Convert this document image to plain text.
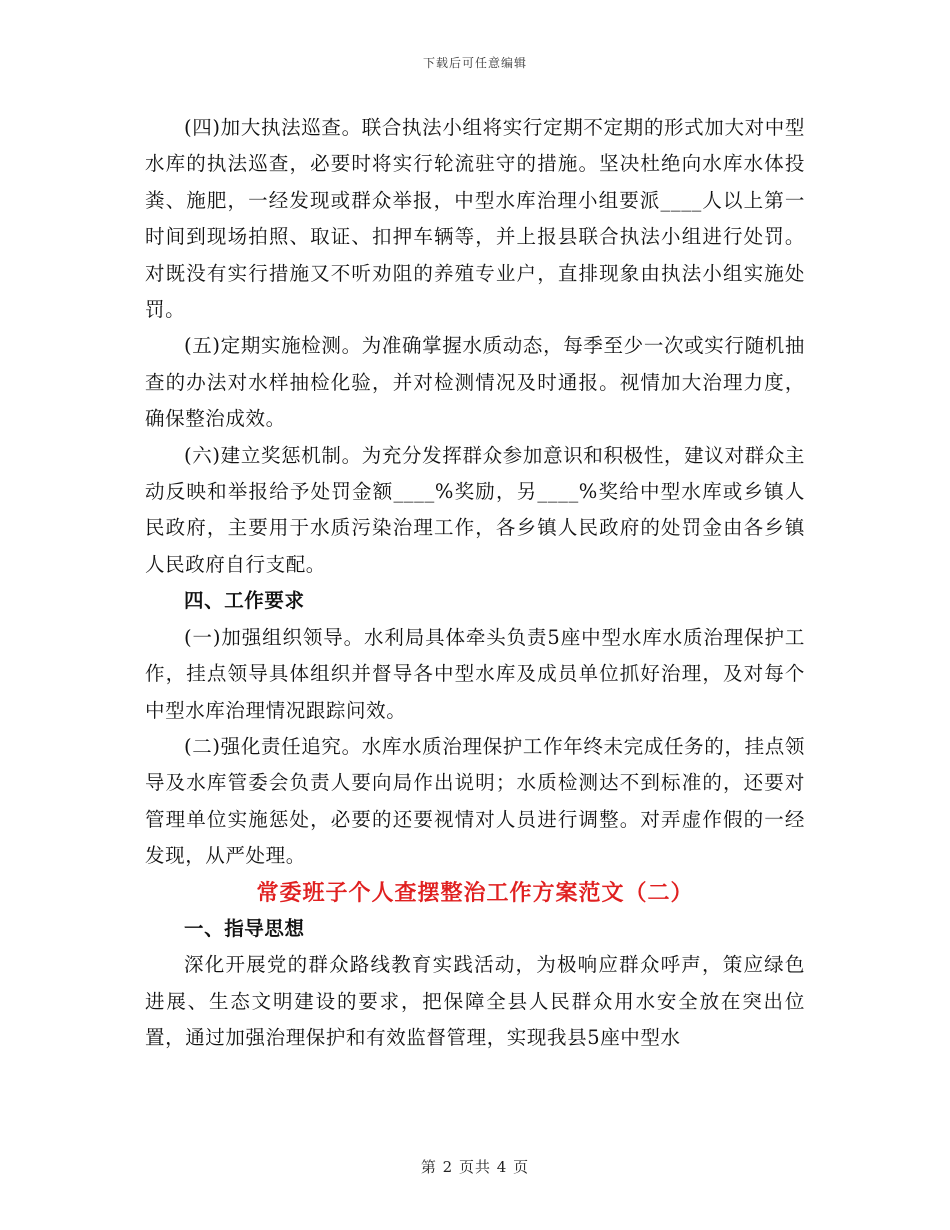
下载后可任意编辑

(四)加大执法巡查。联合执法小组将实行定期不定期的形式加大对中型水库的执法巡查，必要时将实行轮流驻守的措施。坚决杜绝向水库水体投粪、施肥，一经发现或群众举报，中型水库治理小组要派____人以上第一时间到现场拍照、取证、扣押车辆等，并上报县联合执法小组进行处罚。对既没有实行措施又不听劝阻的养殖专业户，直排现象由执法小组实施处罚。

(五)定期实施检测。为准确掌握水质动态，每季至少一次或实行随机抽查的办法对水样抽检化验，并对检测情况及时通报。视情加大治理力度，确保整治成效。

(六)建立奖惩机制。为充分发挥群众参加意识和积极性，建议对群众主动反映和举报给予处罚金额____%奖励，另____%奖给中型水库或乡镇人民政府，主要用于水质污染治理工作，各乡镇人民政府的处罚金由各乡镇人民政府自行支配。

四、工作要求

(一)加强组织领导。水利局具体牵头负责5座中型水库水质治理保护工作，挂点领导具体组织并督导各中型水库及成员单位抓好治理，及对每个中型水库治理情况跟踪问效。

(二)强化责任追究。水库水质治理保护工作年终未完成任务的，挂点领导及水库管委会负责人要向局作出说明；水质检测达不到标准的，还要对管理单位实施惩处，必要的还要视情对人员进行调整。对弄虚作假的一经发现，从严处理。

常委班子个人查摆整治工作方案范文（二）

一、指导思想

深化开展党的群众路线教育实践活动，为极响应群众呼声，策应绿色进展、生态文明建设的要求，把保障全县人民群众用水安全放在突出位置，通过加强治理保护和有效监督管理，实现我县5座中型水

第 2 页共 4 页
